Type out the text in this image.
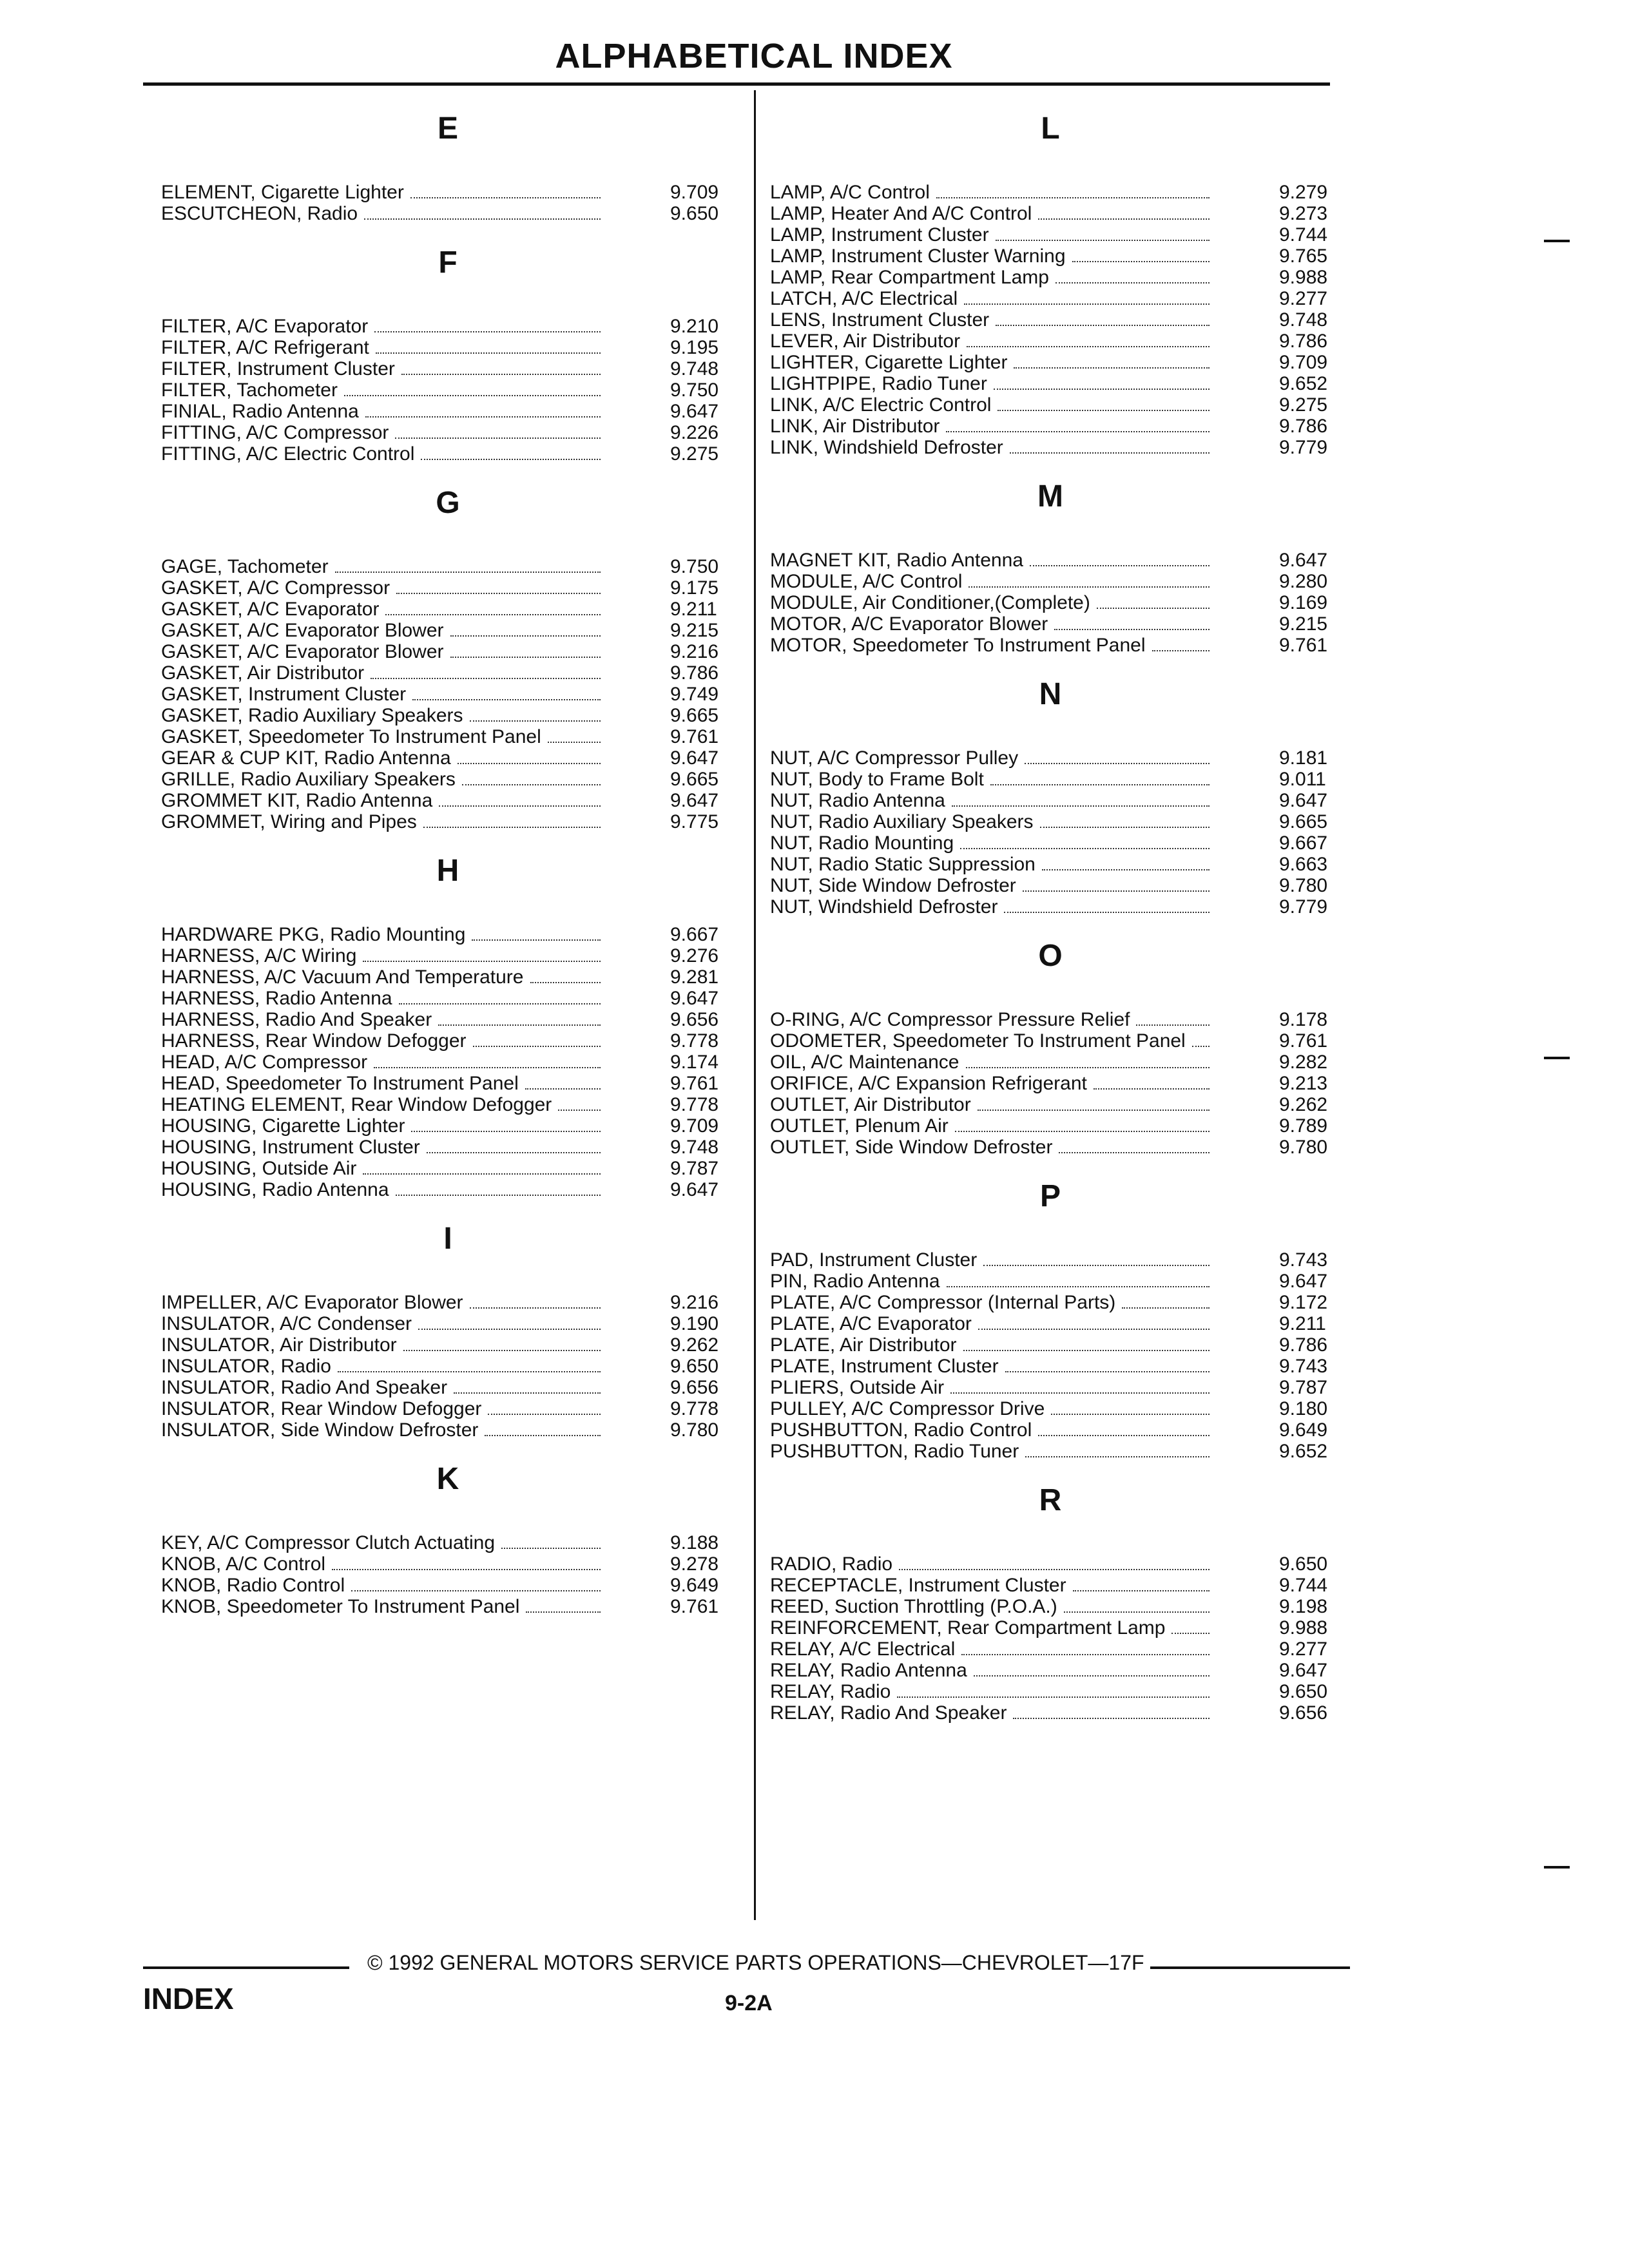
ALPHABETICAL INDEX
E
ELEMENT, Cigarette Lighter	9.709
ESCUTCHEON, Radio	9.650
F
FILTER, A/C Evaporator	9.210
FILTER, A/C Refrigerant	9.195
FILTER, Instrument Cluster	9.748
FILTER, Tachometer	9.750
FINIAL, Radio Antenna	9.647
FITTING, A/C Compressor	9.226
FITTING, A/C Electric Control	9.275
G
GAGE, Tachometer	9.750
GASKET, A/C Compressor	9.175
GASKET, A/C Evaporator	9.211
GASKET, A/C Evaporator Blower	9.215
GASKET, A/C Evaporator Blower	9.216
GASKET, Air Distributor	9.786
GASKET, Instrument Cluster	9.749
GASKET, Radio Auxiliary Speakers	9.665
GASKET, Speedometer To Instrument Panel	9.761
GEAR & CUP KIT, Radio Antenna	9.647
GRILLE, Radio Auxiliary Speakers	9.665
GROMMET KIT, Radio Antenna	9.647
GROMMET, Wiring and Pipes	9.775
H
HARDWARE PKG, Radio Mounting	9.667
HARNESS, A/C Wiring	9.276
HARNESS, A/C Vacuum And Temperature	9.281
HARNESS, Radio Antenna	9.647
HARNESS, Radio And Speaker	9.656
HARNESS, Rear Window Defogger	9.778
HEAD, A/C Compressor	9.174
HEAD, Speedometer To Instrument Panel	9.761
HEATING ELEMENT, Rear Window Defogger	9.778
HOUSING, Cigarette Lighter	9.709
HOUSING, Instrument Cluster	9.748
HOUSING, Outside Air	9.787
HOUSING, Radio Antenna	9.647
I
IMPELLER, A/C Evaporator Blower	9.216
INSULATOR, A/C Condenser	9.190
INSULATOR, Air Distributor	9.262
INSULATOR, Radio	9.650
INSULATOR, Radio And Speaker	9.656
INSULATOR, Rear Window Defogger	9.778
INSULATOR, Side Window Defroster	9.780
K
KEY, A/C Compressor Clutch Actuating	9.188
KNOB, A/C Control	9.278
KNOB, Radio Control	9.649
KNOB, Speedometer To Instrument Panel	9.761
L
LAMP, A/C Control	9.279
LAMP, Heater And A/C Control	9.273
LAMP, Instrument Cluster	9.744
LAMP, Instrument Cluster Warning	9.765
LAMP, Rear Compartment Lamp	9.988
LATCH, A/C Electrical	9.277
LENS, Instrument Cluster	9.748
LEVER, Air Distributor	9.786
LIGHTER, Cigarette Lighter	9.709
LIGHTPIPE, Radio Tuner	9.652
LINK, A/C Electric Control	9.275
LINK, Air Distributor	9.786
LINK, Windshield Defroster	9.779
M
MAGNET KIT, Radio Antenna	9.647
MODULE, A/C Control	9.280
MODULE, Air Conditioner,(Complete)	9.169
MOTOR, A/C Evaporator Blower	9.215
MOTOR, Speedometer To Instrument Panel	9.761
N
NUT, A/C Compressor Pulley	9.181
NUT, Body to Frame Bolt	9.011
NUT, Radio Antenna	9.647
NUT, Radio Auxiliary Speakers	9.665
NUT, Radio Mounting	9.667
NUT, Radio Static Suppression	9.663
NUT, Side Window Defroster	9.780
NUT, Windshield Defroster	9.779
O
O-RING, A/C Compressor Pressure Relief	9.178
ODOMETER, Speedometer To Instrument Panel	9.761
OIL, A/C Maintenance	9.282
ORIFICE, A/C Expansion Refrigerant	9.213
OUTLET, Air Distributor	9.262
OUTLET, Plenum Air	9.789
OUTLET, Side Window Defroster	9.780
P
PAD, Instrument Cluster	9.743
PIN, Radio Antenna	9.647
PLATE, A/C Compressor (Internal Parts)	9.172
PLATE, A/C Evaporator	9.211
PLATE, Air Distributor	9.786
PLATE, Instrument Cluster	9.743
PLIERS, Outside Air	9.787
PULLEY, A/C Compressor Drive	9.180
PUSHBUTTON, Radio Control	9.649
PUSHBUTTON, Radio Tuner	9.652
R
RADIO, Radio	9.650
RECEPTACLE, Instrument Cluster	9.744
REED, Suction Throttling (P.O.A.)	9.198
REINFORCEMENT, Rear Compartment Lamp	9.988
RELAY, A/C Electrical	9.277
RELAY, Radio Antenna	9.647
RELAY, Radio	9.650
RELAY, Radio And Speaker	9.656
© 1992 GENERAL MOTORS SERVICE PARTS OPERATIONS—CHEVROLET—17F
INDEX	9-2A
